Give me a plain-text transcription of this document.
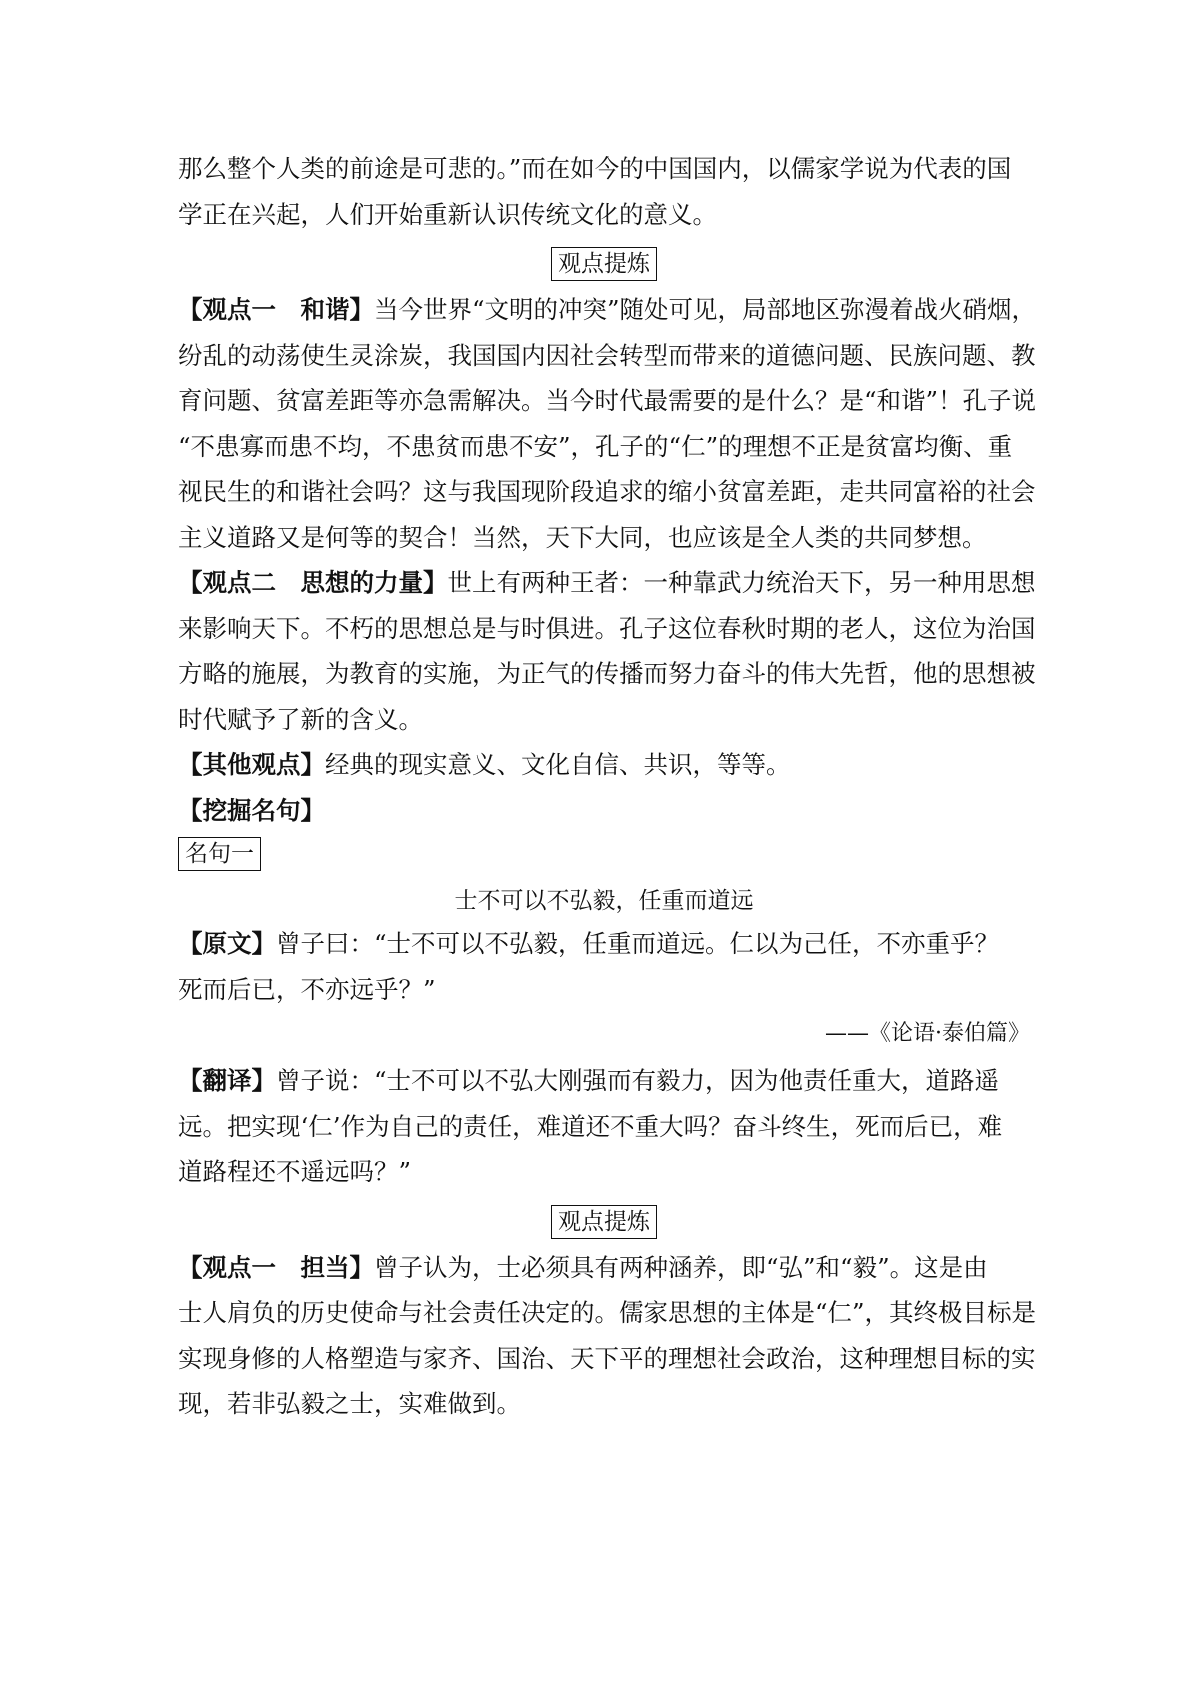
那么整个人类的前途是可悲的。”而在如今的中国国内，以儒家学说为代表的国
学正在兴起，人们开始重新认识传统文化的意义。

观点提炼

【观点一　和谐】当今世界“文明的冲突”随处可见，局部地区弥漫着战火硝烟，
纷乱的动荡使生灵涂炭，我国国内因社会转型而带来的道德问题、民族问题、教
育问题、贫富差距等亦急需解决。当今时代最需要的是什么？是“和谐”！孔子说
“不患寡而患不均，不患贫而患不安”，孔子的“仁”的理想不正是贫富均衡、重
视民生的和谐社会吗？这与我国现阶段追求的缩小贫富差距，走共同富裕的社会
主义道路又是何等的契合！当然，天下大同，也应该是全人类的共同梦想。

【观点二　思想的力量】世上有两种王者：一种靠武力统治天下，另一种用思想
来影响天下。不朽的思想总是与时俱进。孔子这位春秋时期的老人，这位为治国
方略的施展，为教育的实施，为正气的传播而努力奋斗的伟大先哲，他的思想被
时代赋予了新的含义。

【其他观点】经典的现实意义、文化自信、共识，等等。

【挖掘名句】

名句一

士不可以不弘毅，任重而道远

【原文】曾子曰：“士不可以不弘毅，任重而道远。仁以为己任，不亦重乎？
死而后已，不亦远乎？”

——《论语·泰伯篇》

【翻译】曾子说：“士不可以不弘大刚强而有毅力，因为他责任重大，道路遥
远。把实现‘仁’作为自己的责任，难道还不重大吗？奋斗终生，死而后已，难
道路程还不遥远吗？”

观点提炼

【观点一　担当】曾子认为，士必须具有两种涵养，即“弘”和“毅”。这是由
士人肩负的历史使命与社会责任决定的。儒家思想的主体是“仁”，其终极目标是
实现身修的人格塑造与家齐、国治、天下平的理想社会政治，这种理想目标的实
现，若非弘毅之士，实难做到。
